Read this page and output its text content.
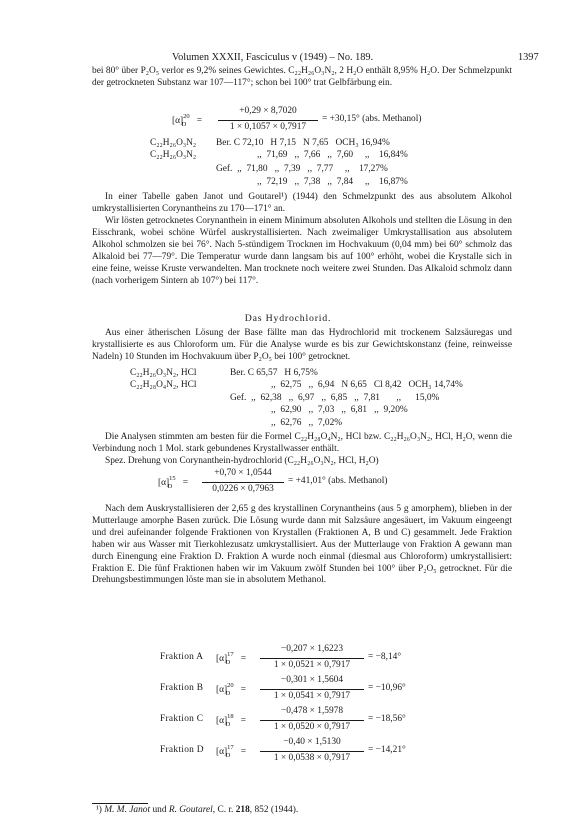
Volumen XXXII, Fasciculus v (1949) – No. 189.	1397
bei 80° über P₂O₅ verlor es 9,2% seines Gewichtes. C₂₂H₂₆O₃N₂, 2 H₂O enthält 8,95% H₂O. Der Schmelzpunkt der getrockneten Substanz war 107—117°; schon bei 100° trat Gelbfärbung ein.
$[\alpha]^{20}_D$ =
+0,29 × 8,7020
1 × 0,1057 × 0,7917
= +30,15° (abs. Methanol)
C₂₂H₂₆O₃N₂
C₂₂H₂₆O₃N₂
Ber. C 72,10   H 7,15   N 7,65   OCH₃ 16,94%
,,  71,69   ,,  7,66   ,,  7,60     ,,    16,84%
Gef.  ,,  71,80   ,,  7,39   ,,  7,77     ,,    17,27%
,,  72,19   ,,  7,38   ,,  7,84     ,,    16,87%
In einer Tabelle gaben Janot und Goutarel¹) (1944) den Schmelzpunkt des aus absolutem Alkohol umkrystallisierten Corynantheins zu 170—171° an.
Wir lösten getrocknetes Corynanthein in einem Minimum absoluten Alkohols und stellten die Lösung in den Eisschrank, wobei schöne Würfel auskrystallisierten. Nach zweimaliger Umkrystallisation aus absolutem Alkohol schmolzen sie bei 76°. Nach 5-stündigem Trocknen im Hochvakuum (0,04 mm) bei 60° schmolz das Alkaloid bei 77—79°. Die Temperatur wurde dann langsam bis auf 100° erhöht, wobei die Krystalle sich in eine feine, weisse Kruste verwandelten. Man trocknete noch weitere zwei Stunden. Das Alkaloid schmolz dann (nach vorherigem Sintern ab 107°) bei 117°.
Das Hydrochlorid.
Aus einer ätherischen Lösung der Base fällte man das Hydrochlorid mit trockenem Salzsäuregas und krystallisierte es aus Chloroform um. Für die Analyse wurde es bis zur Gewichtskonstanz (feine, reinweisse Nadeln) 10 Stunden im Hochvakuum über P₂O₅ bei 100° getrocknet.
C₂₂H₂₆O₃N₂, HCl
C₂₂H₂₈O₄N₂, HCl
Ber. C 65,57   H 6,75%
,,  62,75   ,,  6,94   N 6,65   Cl 8,42   OCH₃ 14,74%
Gef.  ,,  62,38   ,,  6,97   ,,  6,85   ,,  7,81       ,,      15,0%
,,  62,90   ,,  7,03   ,,  6,81   ,,  9,20%
,,  62,76   ,,  7,02%
Die Analysen stimmten am besten für die Formel C₂₂H₂₈O₄N₂, HCl bzw. C₂₂H₂₆O₃N₂, HCl, H₂O, wenn die Verbindung noch 1 Mol. stark gebundenes Krystallwasser enthält.
Spez. Drehung von Corynanthein-hydrochlorid (C₂₂H₂₆O₃N₂, HCl, H₂O)
$[\alpha]^{15}_D$ =
+0,70 × 1,0544
0,0226 × 0,7963
= +41,01° (abs. Methanol)
Nach dem Auskrystallisieren der 2,65 g des krystallinen Corynantheins (aus 5 g amorphem), blieben in der Mutterlauge amorphe Basen zurück. Die Lösung wurde dann mit Salzsäure angesäuert, im Vakuum eingeengt und drei aufeinander folgende Fraktionen von Krystallen (Fraktionen A, B und C) gesammelt. Jede Fraktion haben wir aus Wasser mit Tierkohlezusatz umkrystallisiert. Aus der Mutterlauge von Fraktion A gewann man durch Einengung eine Fraktion D. Fraktion A wurde noch einmal (diesmal aus Chloroform) umkrystallisiert: Fraktion E. Die fünf Fraktionen haben wir im Vakuum zwölf Stunden bei 100° über P₂O₅ getrocknet. Für die Drehungsbestimmungen löste man sie in absolutem Methanol.
Fraktion A $[\alpha]^{17}_D$ =
−0,207 × 1,6223
1 × 0,0521 × 0,7917
= −8,14°
Fraktion B $[\alpha]^{20}_D$ =
−0,301 × 1,5604
1 × 0,0541 × 0,7917
= −10,96°
Fraktion C $[\alpha]^{18}_D$ =
−0,478 × 1,5978
1 × 0,0520 × 0,7917
= −18,56°
Fraktion D $[\alpha]^{17}_D$ =
−0,40 × 1,5130
1 × 0,0538 × 0,7917
= −14,21°
¹) M. M. Janot und R. Goutarel, C. r. 218, 852 (1944).
